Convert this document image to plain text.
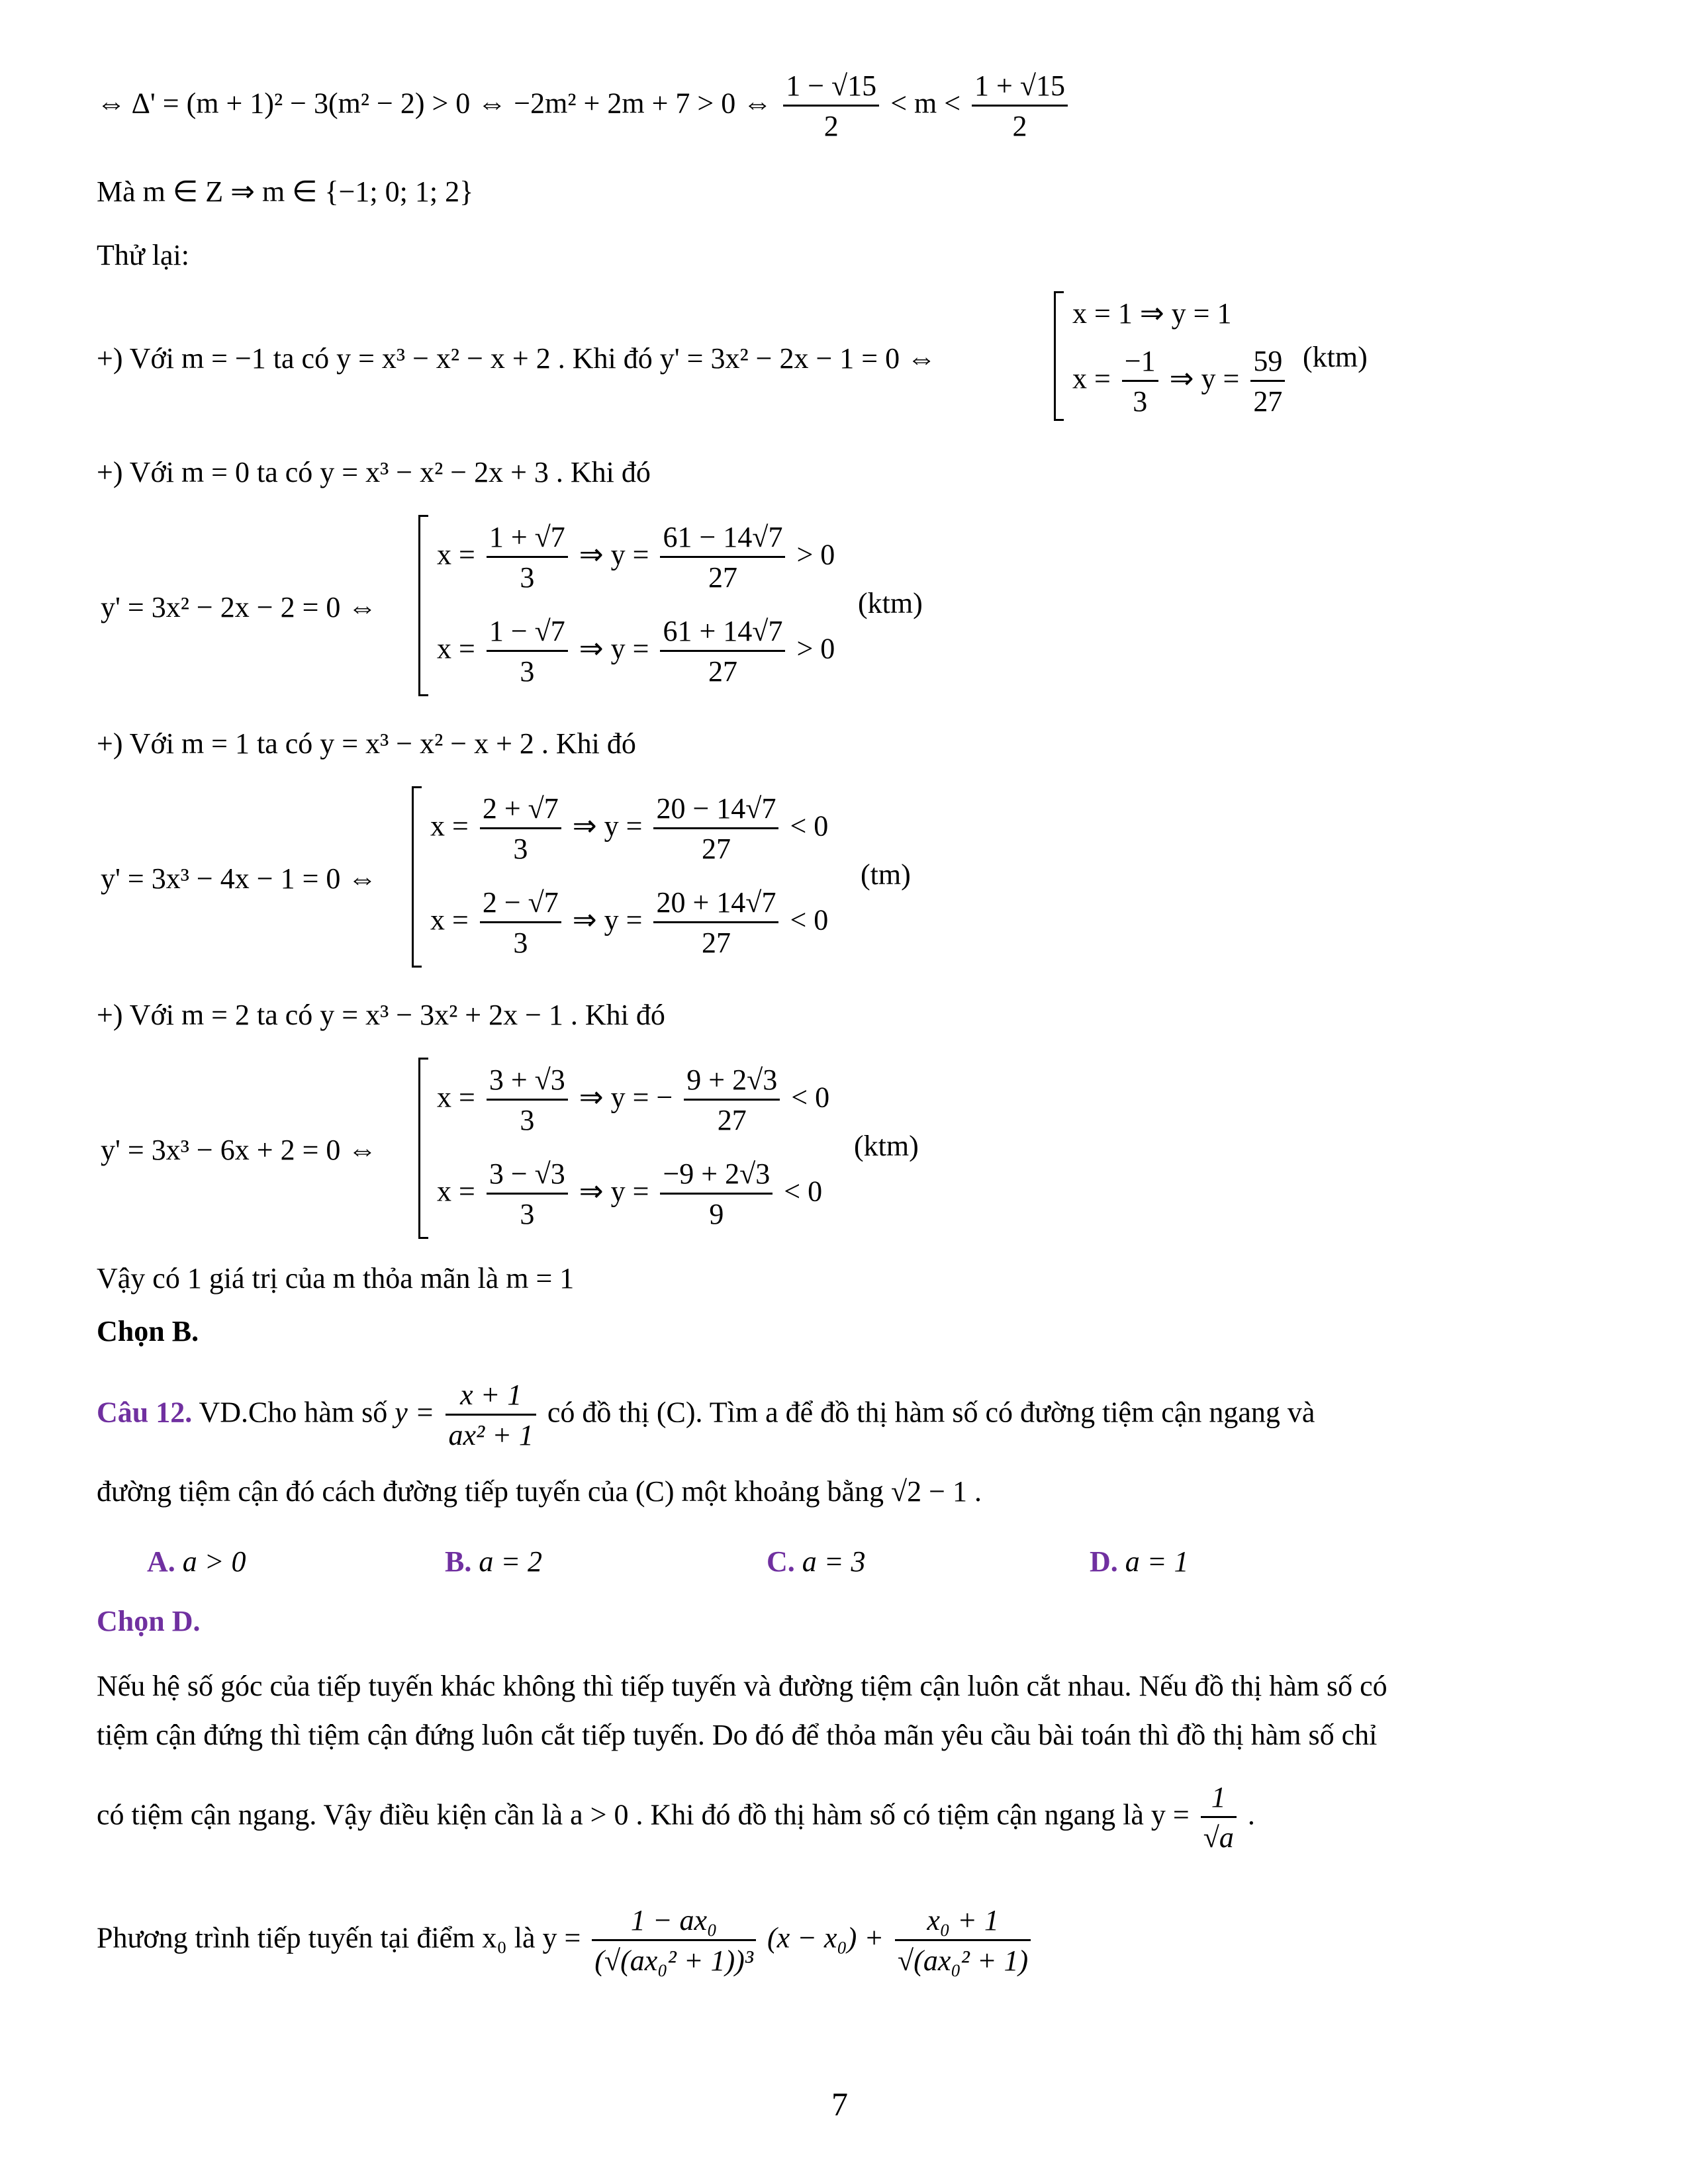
⇔ Δ' = (m + 1)² − 3(m² − 2) > 0 ⇔ −2m² + 2m + 7 > 0 ⇔ $\frac{1 - √15}{2} < m < \frac{1 + √15}{2}$
Mà m ∈ Z ⇒ m ∈ {−1; 0; 1; 2}
Thử lại:
+) Với m = −1 ta có y = x³ − x² − x + 2 . Khi đó y' = 3x² − 2x − 1 = 0 ⇔
x = 1 ⇒ y = 1
$x = \frac{-1}{3}$ ⇒ $y = \frac{59}{27} (ktm)$
+) Với m = 0 ta có y = x³ − x² − 2x + 3 . Khi đó
y' = 3x² − 2x − 2 = 0 ⇔
$x = \frac{1 + √7}{3}$ ⇒ $y = \frac{61 - 14√7}{27} > 0$
$x = \frac{1 - √7}{3}$ ⇒ $y = \frac{61 + 14√7}{27} > 0$
(ktm)
+) Với m = 1 ta có y = x³ − x² − x + 2 . Khi đó
y' = 3x³ − 4x − 1 = 0 ⇔
$x = \frac{2 + √7}{3}$ ⇒ $y = \frac{20 - 14√7}{27} < 0$
$x = \frac{2 - √7}{3}$ ⇒ $y = \frac{20 + 14√7}{27} < 0$
(tm)
+) Với m = 2 ta có y = x³ − 3x² + 2x − 1 . Khi đó
y' = 3x³ − 6x + 2 = 0 ⇔
$x = \frac{3 + √3}{3}$ ⇒ y = − $\frac{9 + 2√3}{27} < 0$
$x = \frac{3 - √3}{3}$ ⇒ $y = \frac{-9 + 2√3}{9} < 0$
(ktm)
Vậy có 1 giá trị của m thỏa mãn là m = 1
Chọn B.
Câu 12. VD.Cho hàm số $y = \frac{x + 1}{\text{ax² + 1}}$ có đồ thị (C). Tìm a để đồ thị hàm số có đường tiệm cận ngang và
đường tiệm cận đó cách đường tiếp tuyến của (C) một khoảng bằng √2 − 1 .
A. a > 0	B. a = 2	C. a = 3	D. a = 1
Chọn D.
Nếu hệ số góc của tiếp tuyến khác không thì tiếp tuyến và đường tiệm cận luôn cắt nhau. Nếu đồ thị hàm số có
tiệm cận đứng thì tiệm cận đứng luôn cắt tiếp tuyến. Do đó để thỏa mãn yêu cầu bài toán thì đồ thị hàm số chỉ
có tiệm cận ngang. Vậy điều kiện cần là a > 0 . Khi đó đồ thị hàm số có tiệm cận ngang là $y = \frac{1}{√a}$ .
Phương trình tiếp tuyến tại điểm x₀ là $y = \frac{\text{1 − ax₀}}{\text{(√(ax₀² + 1))³}} (x - x_0) + \frac{\text{x₀ + 1}}{\text{√(ax₀² + 1)}}$
7
